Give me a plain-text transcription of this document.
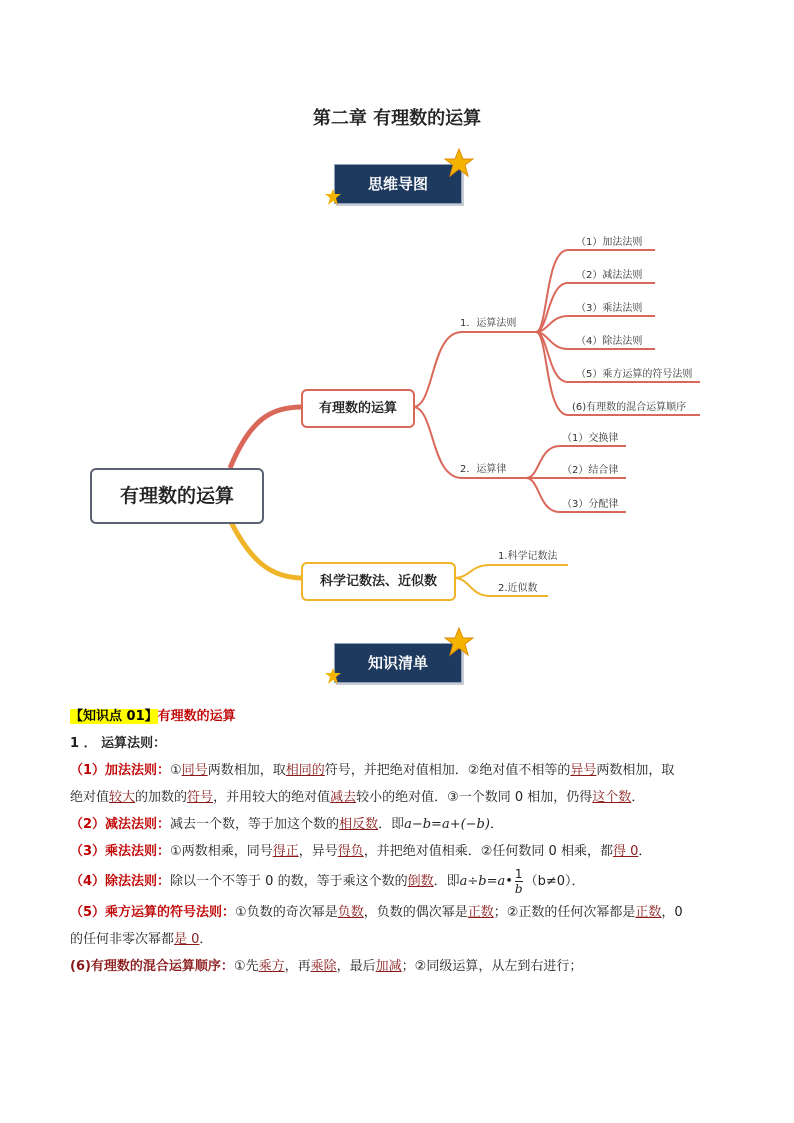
第二章 有理数的运算
思维导图
有理数的运算
有理数的运算
科学记数法、近似数
1．运算法则
2．运算律
（1）加法法则
（2）减法法则
（3）乘法法则
（4）除法法则
（5）乘方运算的符号法则
(6)有理数的混合运算顺序
（1）交换律
（2）结合律
（3）分配律
1.科学记数法
2.近似数
知识清单
【知识点 01】有理数的运算
1 ． 运算法则：
（1）加法法则：①同号两数相加，取相同的符号，并把绝对值相加．②绝对值不相等的异号两数相加，取
绝对值较大的加数的符号，并用较大的绝对值减去较小的绝对值．③一个数同 0 相加，仍得这个数．
（2）减法法则：减去一个数，等于加这个数的相反数．即a−b=a+(−b)．
（3）乘法法则：①两数相乘，同号得正，异号得负，并把绝对值相乘．②任何数同 0 相乘，都得 0．
（4）除法法则：除以一个不等于 0 的数，等于乘这个数的倒数．即a÷b=a• $\frac{1}{b} (b\ne 0)$．
（5）乘方运算的符号法则：①负数的奇次幂是负数，负数的偶次幂是正数；②正数的任何次幂都是正数，0
的任何非零次幂都是 0．
(6)有理数的混合运算顺序：①先乘方，再乘除，最后加减；②同级运算，从左到右进行；
